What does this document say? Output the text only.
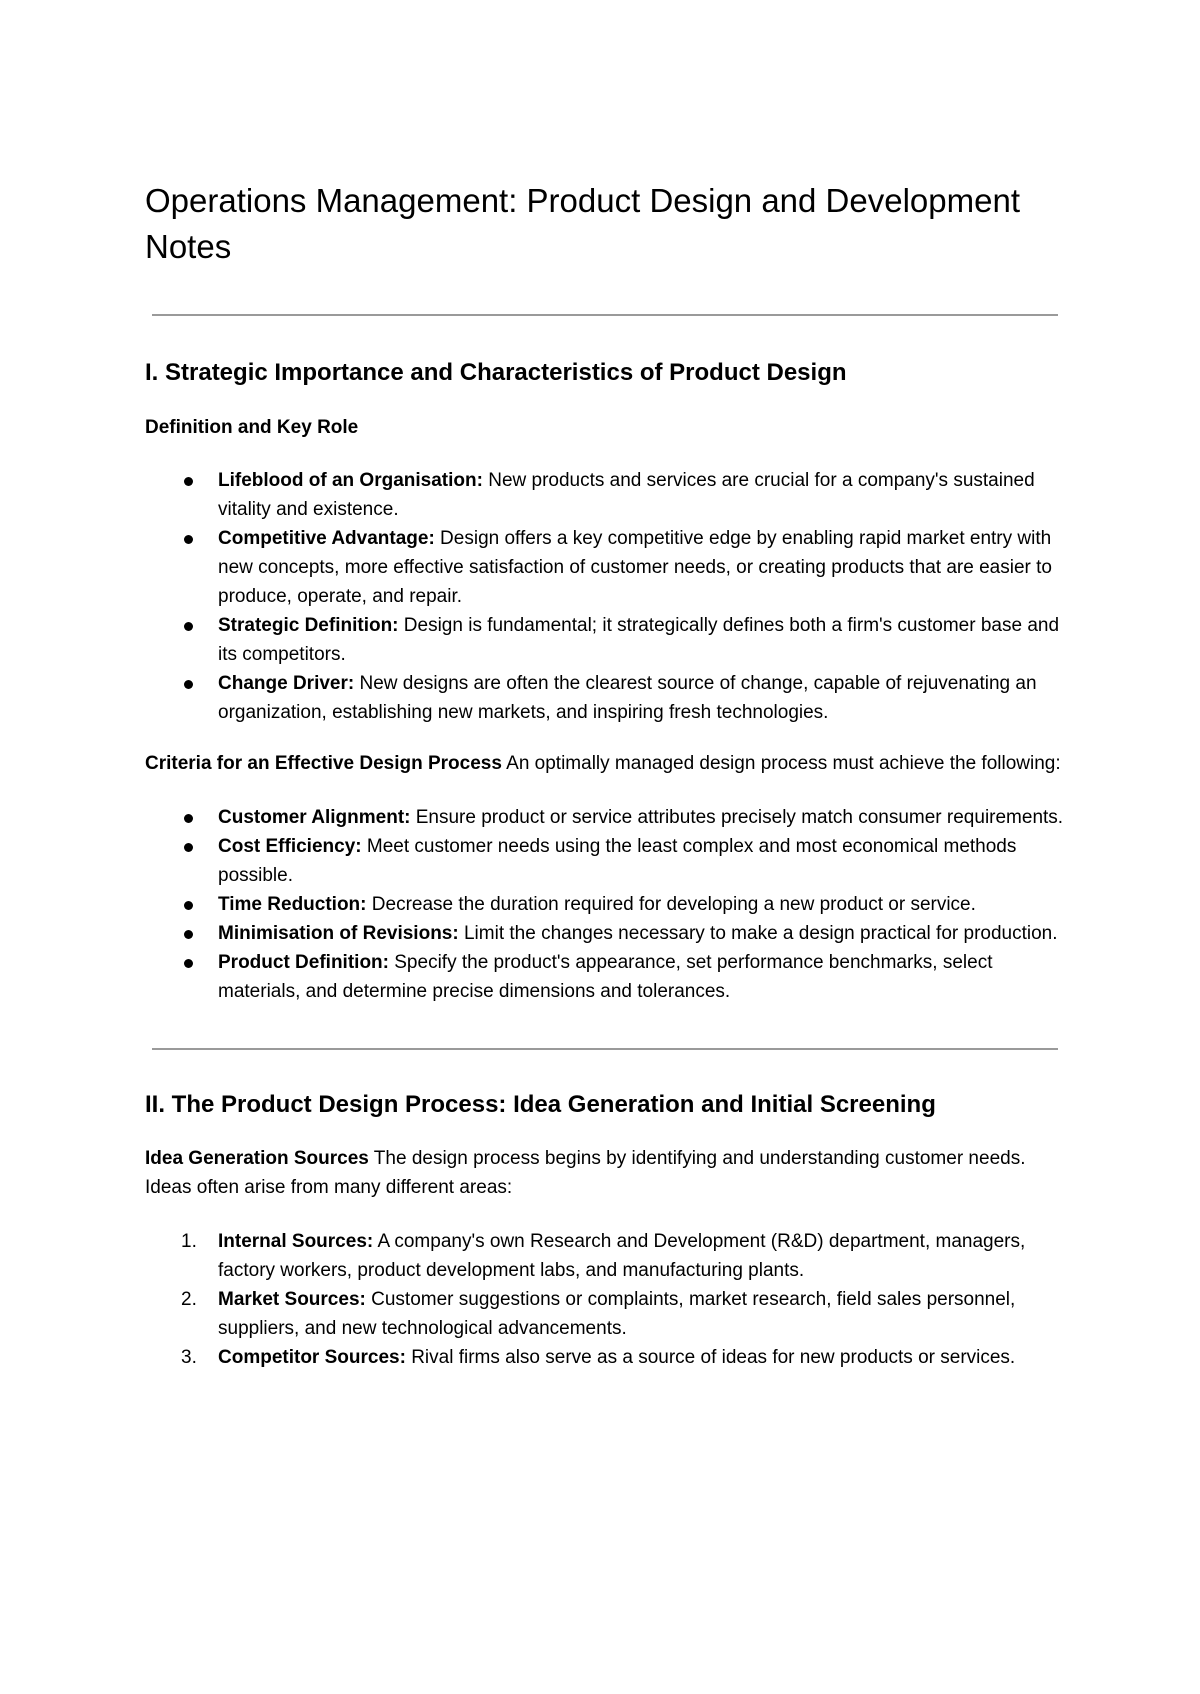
Operations Management: Product Design and Development Notes
I. Strategic Importance and Characteristics of Product Design

Definition and Key Role

Lifeblood of an Organisation: New products and services are crucial for a company's sustained vitality and existence.
Competitive Advantage: Design offers a key competitive edge by enabling rapid market entry with new concepts, more effective satisfaction of customer needs, or creating products that are easier to produce, operate, and repair.
Strategic Definition: Design is fundamental; it strategically defines both a firm's customer base and its competitors.
Change Driver: New designs are often the clearest source of change, capable of rejuvenating an organization, establishing new markets, and inspiring fresh technologies.

Criteria for an Effective Design Process An optimally managed design process must achieve the following:

Customer Alignment: Ensure product or service attributes precisely match consumer requirements.
Cost Efficiency: Meet customer needs using the least complex and most economical methods possible.
Time Reduction: Decrease the duration required for developing a new product or service.
Minimisation of Revisions: Limit the changes necessary to make a design practical for production.
Product Definition: Specify the product's appearance, set performance benchmarks, select materials, and determine precise dimensions and tolerances.
II. The Product Design Process: Idea Generation and Initial Screening

Idea Generation Sources The design process begins by identifying and understanding customer needs. Ideas often arise from many different areas:

1. Internal Sources: A company's own Research and Development (R&D) department, managers, factory workers, product development labs, and manufacturing plants.
2. Market Sources: Customer suggestions or complaints, market research, field sales personnel, suppliers, and new technological advancements.
3. Competitor Sources: Rival firms also serve as a source of ideas for new products or services.
